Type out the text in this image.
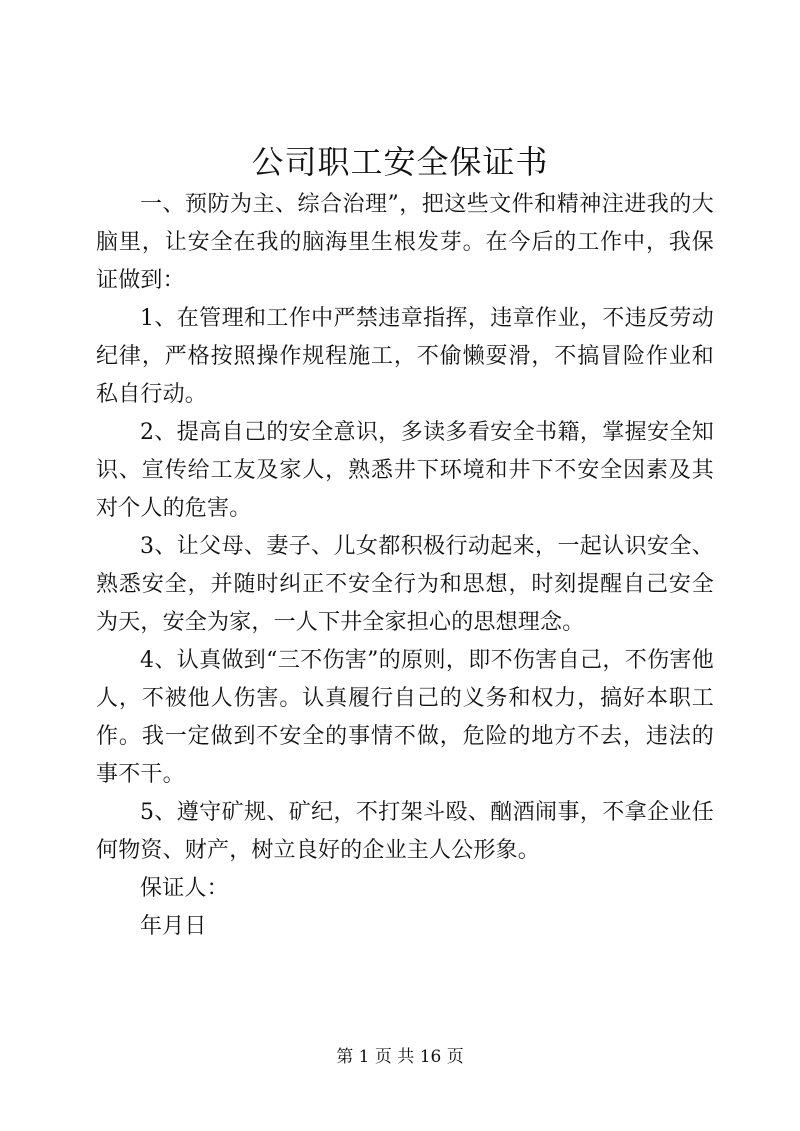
公司职工安全保证书

一、预防为主、综合治理”，把这些文件和精神注进我的大脑里，让安全在我的脑海里生根发芽。在今后的工作中，我保证做到：

1、在管理和工作中严禁违章指挥，违章作业，不违反劳动纪律，严格按照操作规程施工，不偷懒耍滑，不搞冒险作业和私自行动。

2、提高自己的安全意识，多读多看安全书籍，掌握安全知识、宣传给工友及家人，熟悉井下环境和井下不安全因素及其对个人的危害。

3、让父母、妻子、儿女都积极行动起来，一起认识安全、熟悉安全，并随时纠正不安全行为和思想，时刻提醒自己安全为天，安全为家，一人下井全家担心的思想理念。

4、认真做到“三不伤害”的原则，即不伤害自己，不伤害他人，不被他人伤害。认真履行自己的义务和权力，搞好本职工作。我一定做到不安全的事情不做，危险的地方不去，违法的事不干。

5、遵守矿规、矿纪，不打架斗殴、酗酒闹事，不拿企业任何物资、财产，树立良好的企业主人公形象。

保证人：

年月日

第 1 页 共 16 页
